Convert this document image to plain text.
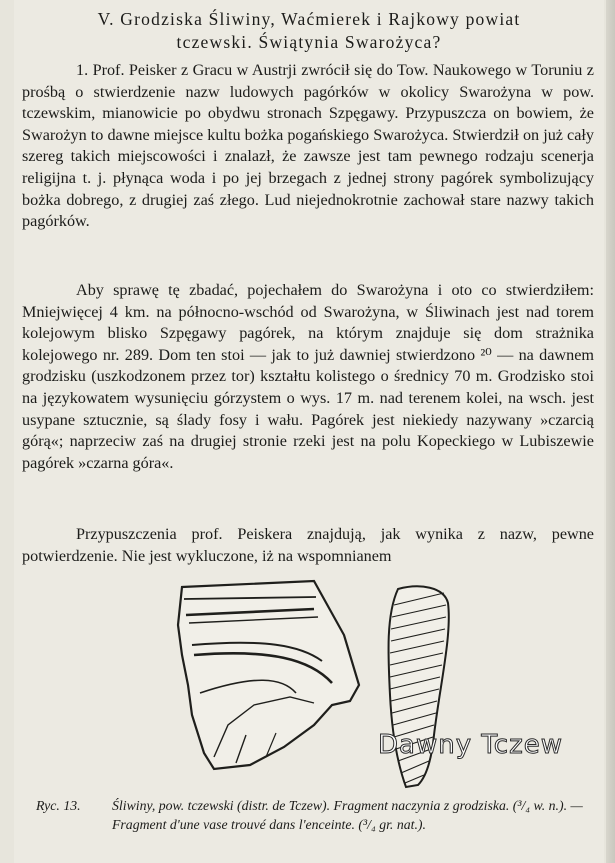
V. Grodziska Śliwiny, Waćmierek i Rajkowy powiat

tczewski. Świątynia Swarożyca?

1. Prof. Peisker z Gracu w Austrji zwrócił się do Tow. Naukowego w Toruniu z prośbą o stwierdzenie nazw ludowych pagórków w okolicy Swarożyna w pow. tczewskim, mianowicie po obydwu stronach Szpęgawy. Przypuszcza on bowiem, że Swarożyn to dawne miejsce kultu bożka pogańskiego Swarożyca. Stwierdził on już cały szereg takich miejscowości i znalazł, że zawsze jest tam pewnego rodzaju scenerja religijna t. j. płynąca woda i po jej brzegach z jednej strony pagórek symbolizujący bożka dobrego, z drugiej zaś złego. Lud niejednokrotnie zachował stare nazwy takich pagórków.

Aby sprawę tę zbadać, pojechałem do Swarożyna i oto co stwierdziłem: Mniejwięcej 4 km. na północno-wschód od Swarożyna, w Śliwinach jest nad torem kolejowym blisko Szpęgawy pagórek, na którym znajduje się dom strażnika kolejowego nr. 289. Dom ten stoi — jak to już dawniej stwierdzono ²⁰ — na dawnem grodzisku (uszkodzonem przez tor) kształtu kolistego o średnicy 70 m. Grodzisko stoi na językowatem wysunięciu górzystem o wys. 17 m. nad terenem kolei, na wsch. jest usypane sztucznie, są ślady fosy i wału. Pagórek jest niekiedy nazywany »czarcią górą«; naprzeciw zaś na drugiej stronie rzeki jest na polu Kopeckiego w Lubiszewie pagórek »czarna góra«.

Przypuszczenia prof. Peiskera znajdują, jak wynika z nazw, pewne potwierdzenie. Nie jest wykluczone, iż na wspomnianem

Ryc. 13. Śliwiny, pow. tczewski (distr. de Tczew). Fragment naczynia z grodziska. (³/₄ w. n.). — Fragment d'une vase trouvé dans l'enceinte. (³/₄ gr. nat.).

Dawny Tczew
